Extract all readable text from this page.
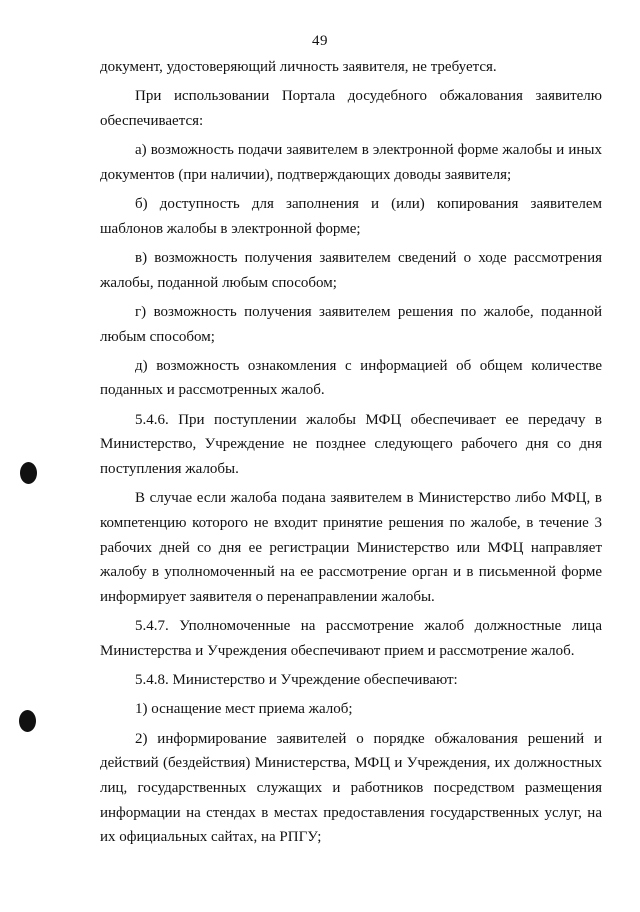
49

документ, удостоверяющий личность заявителя, не требуется.

При использовании Портала досудебного обжалования заявителю обеспечивается:

а) возможность подачи заявителем в электронной форме жалобы и иных документов (при наличии), подтверждающих доводы заявителя;

б) доступность для заполнения и (или) копирования заявителем шаблонов жалобы в электронной форме;

в) возможность получения заявителем сведений о ходе рассмотрения жалобы, поданной любым способом;

г) возможность получения заявителем решения по жалобе, поданной любым способом;

д) возможность ознакомления с информацией об общем количестве поданных и рассмотренных жалоб.

5.4.6. При поступлении жалобы МФЦ обеспечивает ее передачу в Министерство, Учреждение не позднее следующего рабочего дня со дня поступления жалобы.

В случае если жалоба подана заявителем в Министерство либо МФЦ, в компетенцию которого не входит принятие решения по жалобе, в течение 3 рабочих дней со дня ее регистрации Министерство или МФЦ направляет жалобу в уполномоченный на ее рассмотрение орган и в письменной форме информирует заявителя о перенаправлении жалобы.

5.4.7. Уполномоченные на рассмотрение жалоб должностные лица Министерства и Учреждения обеспечивают прием и рассмотрение жалоб.

5.4.8. Министерство и Учреждение обеспечивают:

1) оснащение мест приема жалоб;

2) информирование заявителей о порядке обжалования решений и действий (бездействия) Министерства, МФЦ и Учреждения, их должностных лиц, государственных служащих и работников посредством размещения информации на стендах в местах предоставления государственных услуг, на их официальных сайтах, на РПГУ;
